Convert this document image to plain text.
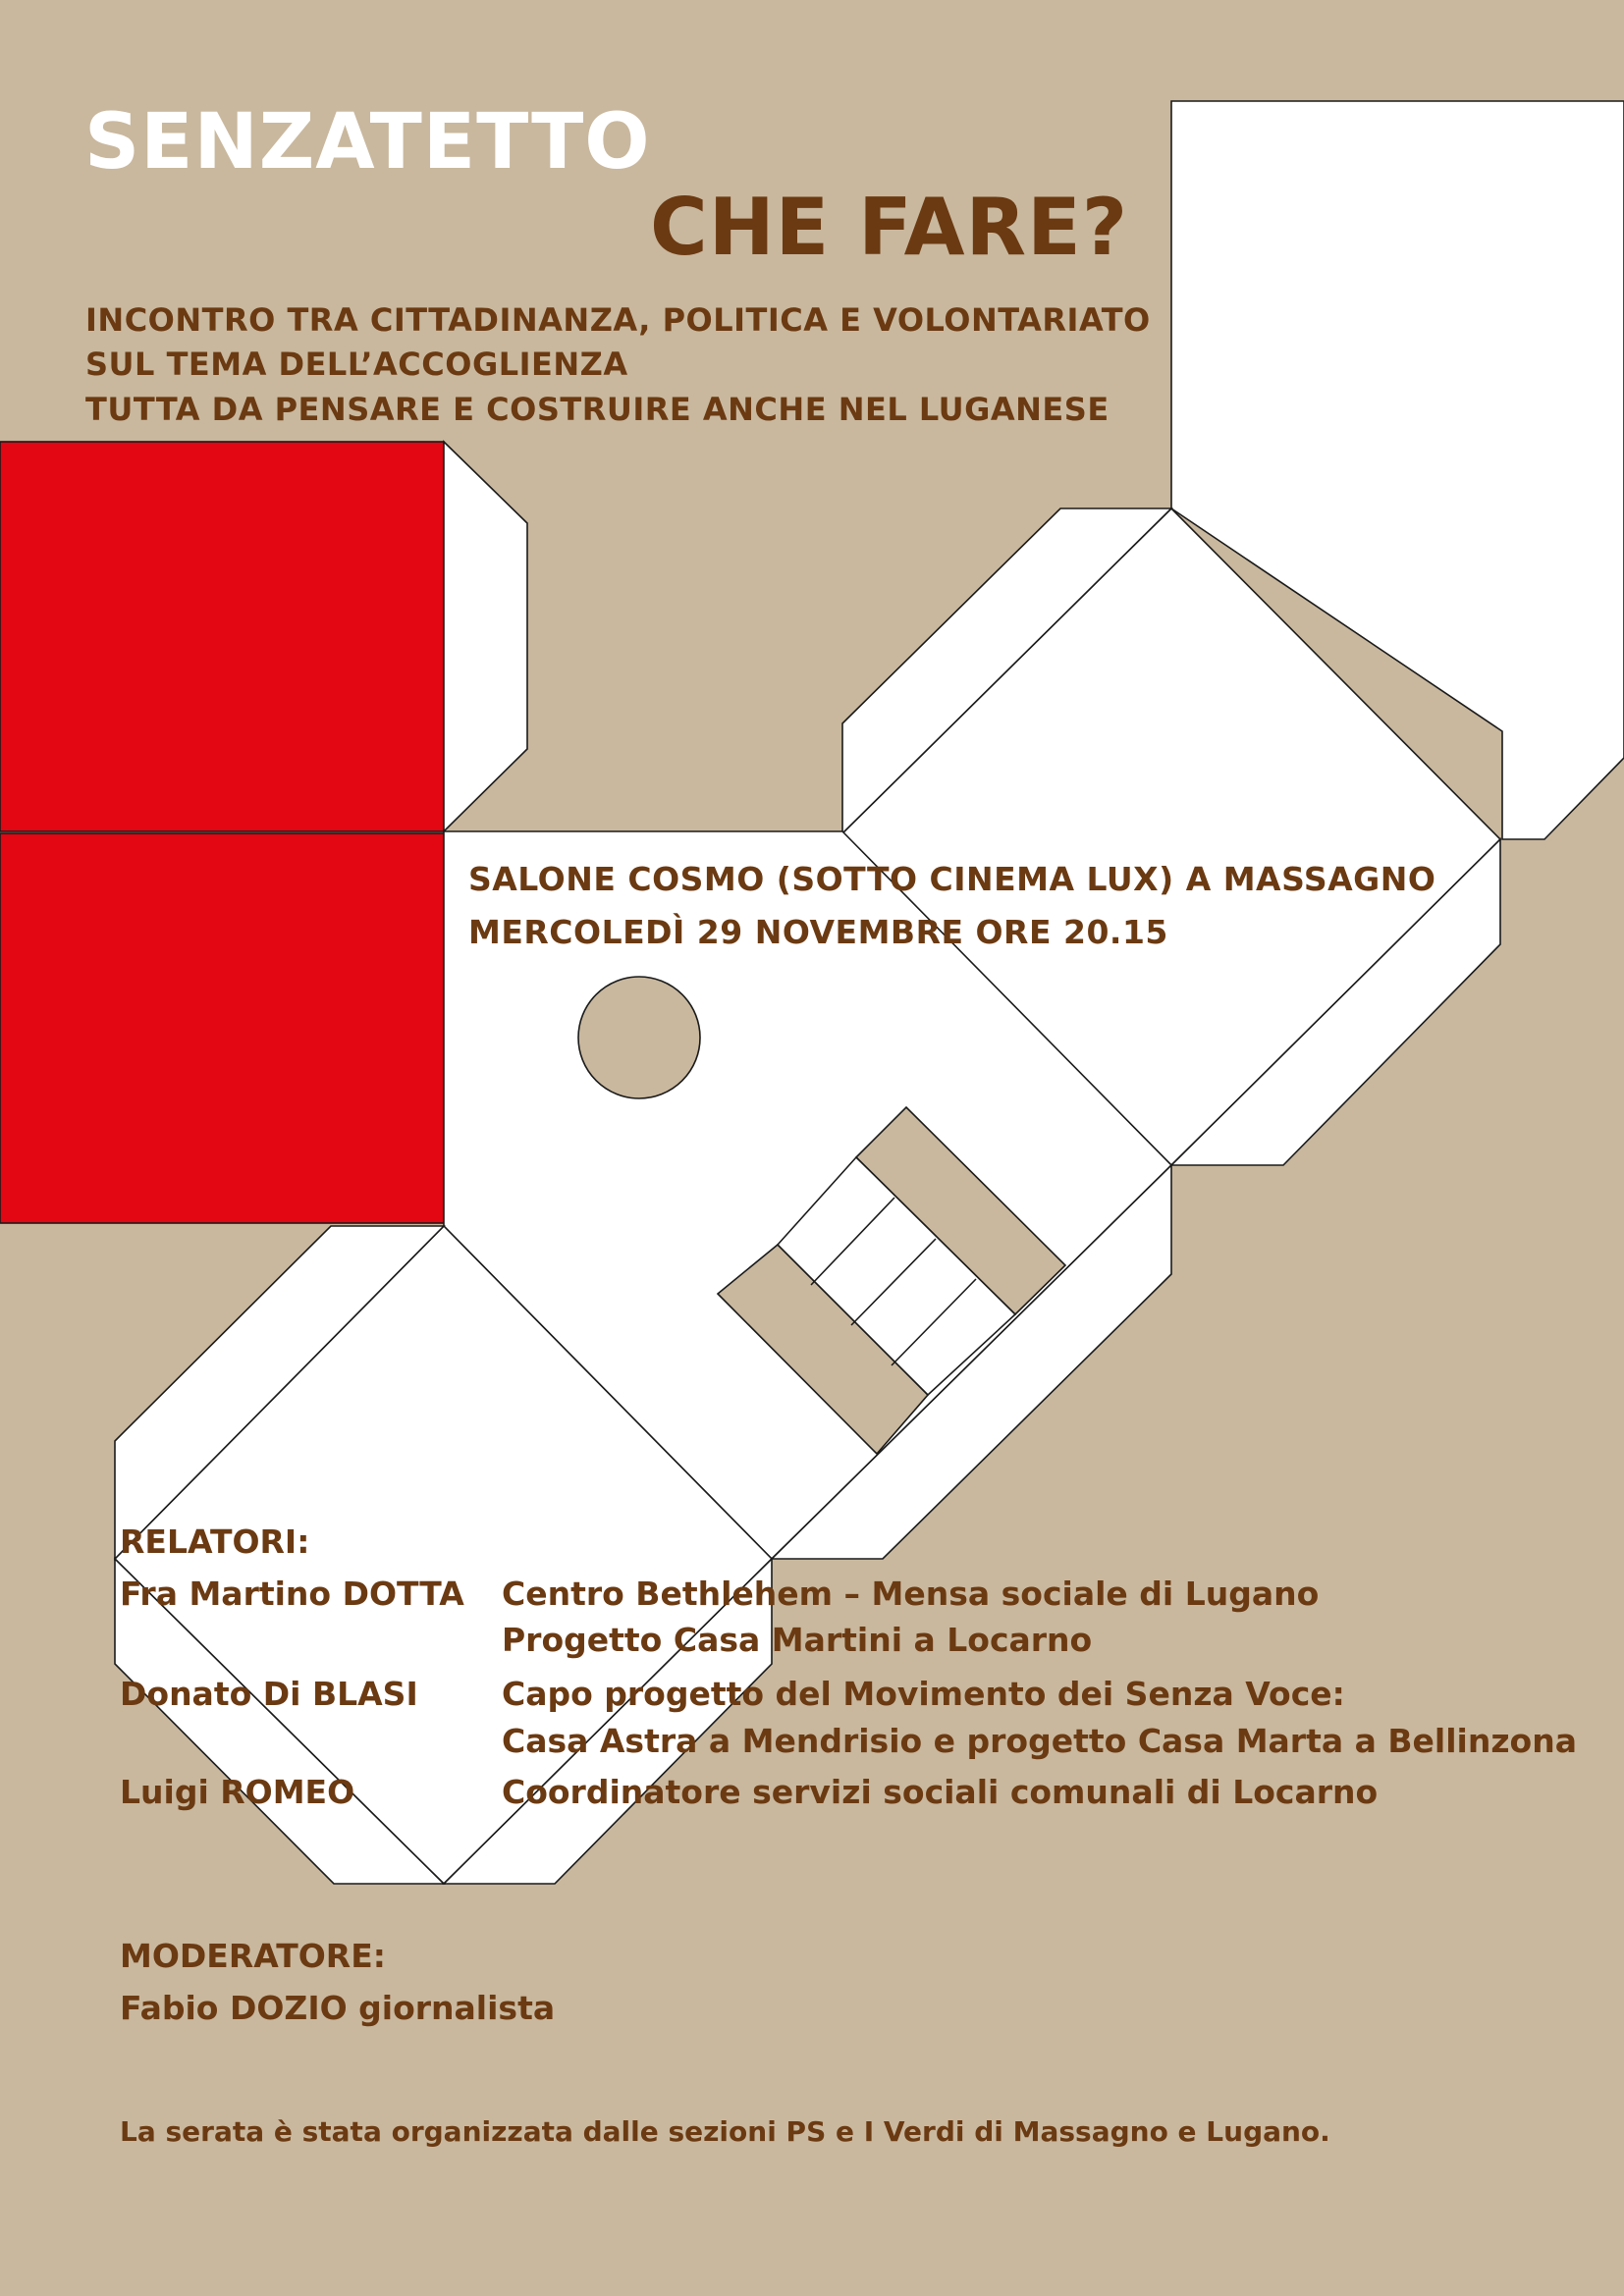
SENZATETTO

CHE FARE?

INCONTRO TRA CITTADINANZA, POLITICA E VOLONTARIATO

SUL TEMA DELL’ACCOGLIENZA

TUTTA DA PENSARE E COSTRUIRE ANCHE NEL LUGANESE

SALONE COSMO (SOTTO CINEMA LUX) A MASSAGNO

MERCOLEDÌ 29 NOVEMBRE ORE 20.15

RELATORI:

Fra Martino DOTTA Centro Bethlehem – Mensa sociale di Lugano

Progetto Casa Martini a Locarno

Donato Di BLASI	Capo progetto del Movimento dei Senza Voce:

Casa Astra a Mendrisio e progetto Casa Marta a Bellinzona

Luigi ROMEO	Coordinatore servizi sociali comunali di Locarno

MODERATORE:

Fabio DOZIO giornalista

La serata è stata organizzata dalle sezioni PS e I Verdi di Massagno e Lugano.
